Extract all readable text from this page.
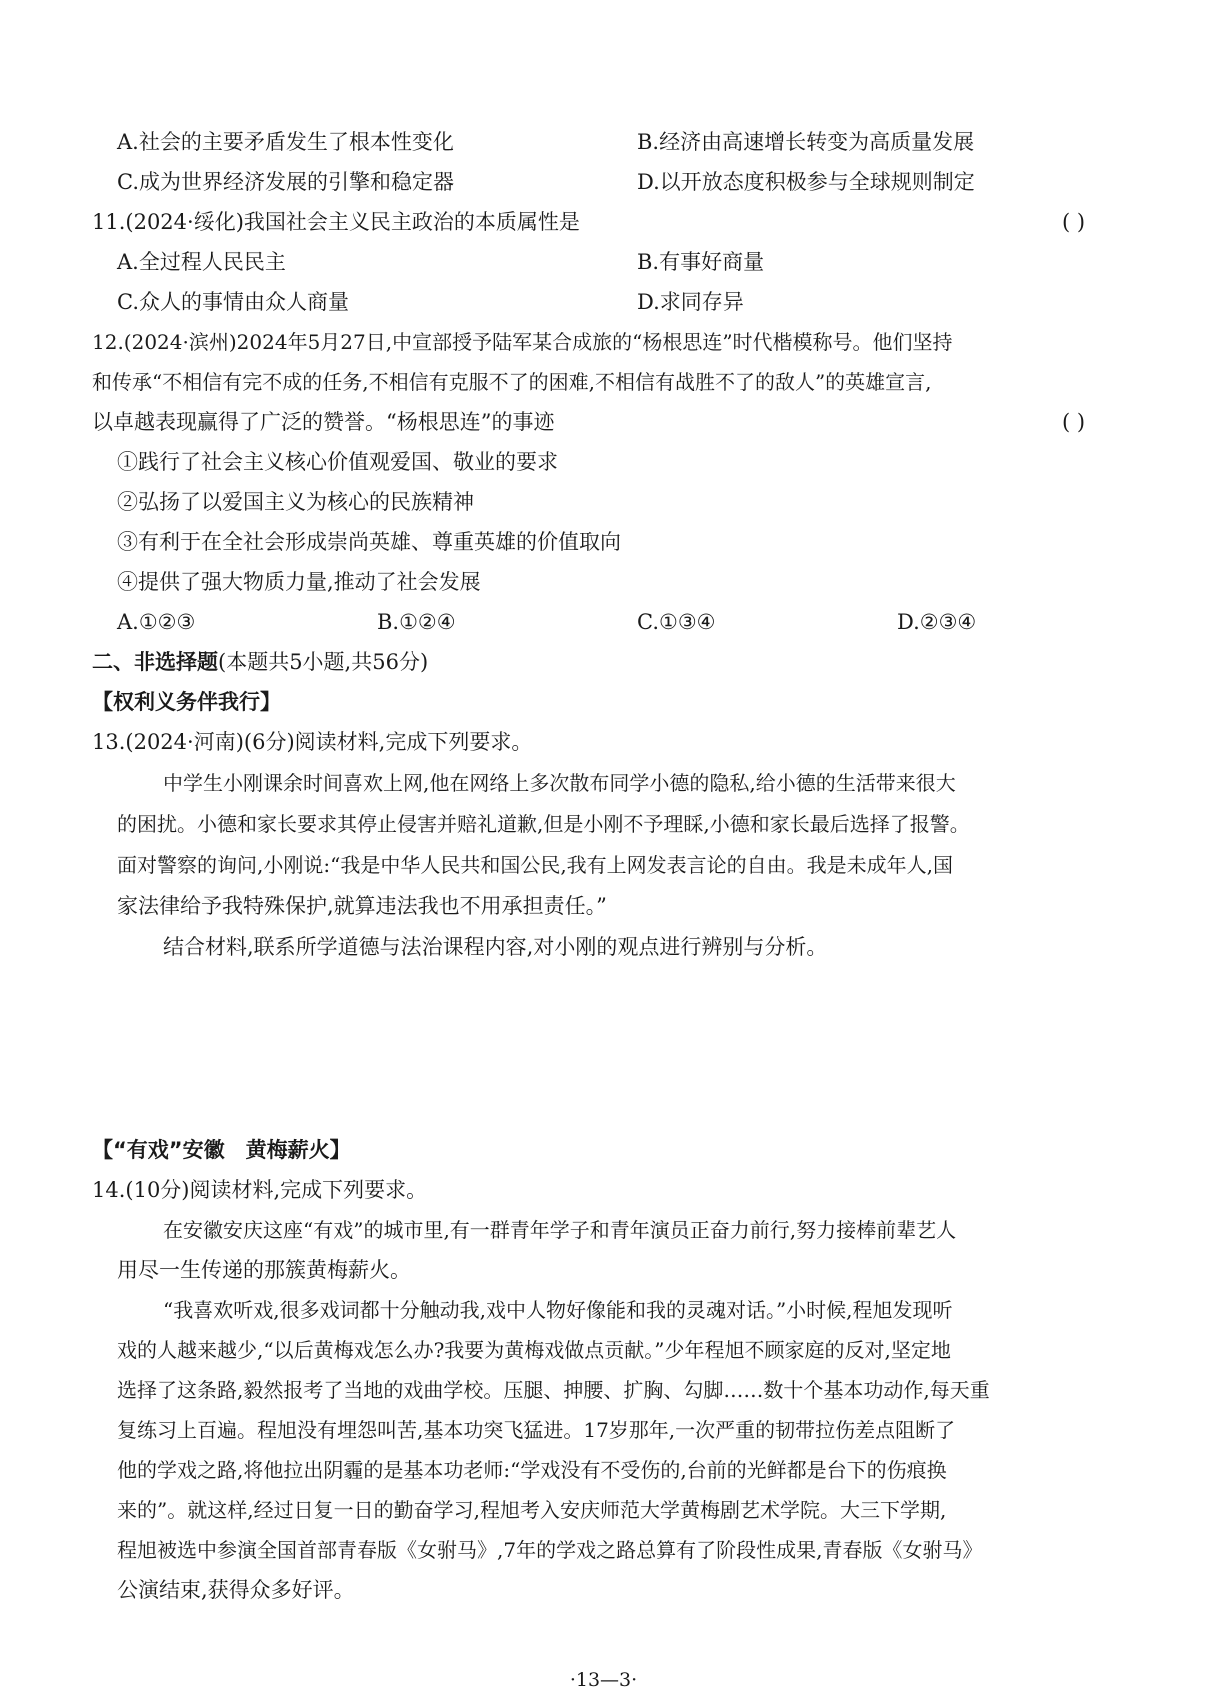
A.社会的主要矛盾发生了根本性变化	B.经济由高速增长转变为高质量发展
C.成为世界经济发展的引擎和稳定器	D.以开放态度积极参与全球规则制定
11.(2024·绥化)我国社会主义民主政治的本质属性是	( )
A.全过程人民民主	B.有事好商量
C.众人的事情由众人商量	D.求同存异
12.(2024·滨州)2024年5月27日,中宣部授予陆军某合成旅的“杨根思连”时代楷模称号。他们坚持
和传承“不相信有完不成的任务,不相信有克服不了的困难,不相信有战胜不了的敌人”的英雄宣言,
以卓越表现赢得了广泛的赞誉。“杨根思连”的事迹	( )
①践行了社会主义核心价值观爱国、敬业的要求
②弘扬了以爱国主义为核心的民族精神
③有利于在全社会形成崇尚英雄、尊重英雄的价值取向
④提供了强大物质力量,推动了社会发展
A.①②③	B.①②④	C.①③④	D.②③④
二、非选择题(本题共5小题,共56分)
【权利义务伴我行】
13.(2024·河南)(6分)阅读材料,完成下列要求。
中学生小刚课余时间喜欢上网,他在网络上多次散布同学小德的隐私,给小德的生活带来很大
的困扰。小德和家长要求其停止侵害并赔礼道歉,但是小刚不予理睬,小德和家长最后选择了报警。
面对警察的询问,小刚说:“我是中华人民共和国公民,我有上网发表言论的自由。我是未成年人,国
家法律给予我特殊保护,就算违法我也不用承担责任。”
结合材料,联系所学道德与法治课程内容,对小刚的观点进行辨别与分析。
【“有戏”安徽　黄梅薪火】
14.(10分)阅读材料,完成下列要求。
在安徽安庆这座“有戏”的城市里,有一群青年学子和青年演员正奋力前行,努力接棒前辈艺人
用尽一生传递的那簇黄梅薪火。
“我喜欢听戏,很多戏词都十分触动我,戏中人物好像能和我的灵魂对话。”小时候,程旭发现听
戏的人越来越少,“以后黄梅戏怎么办?我要为黄梅戏做点贡献。”少年程旭不顾家庭的反对,坚定地
选择了这条路,毅然报考了当地的戏曲学校。压腿、抻腰、扩胸、勾脚……数十个基本功动作,每天重
复练习上百遍。程旭没有埋怨叫苦,基本功突飞猛进。17岁那年,一次严重的韧带拉伤差点阻断了
他的学戏之路,将他拉出阴霾的是基本功老师:“学戏没有不受伤的,台前的光鲜都是台下的伤痕换
来的”。就这样,经过日复一日的勤奋学习,程旭考入安庆师范大学黄梅剧艺术学院。大三下学期,
程旭被选中参演全国首部青春版《女驸马》,7年的学戏之路总算有了阶段性成果,青春版《女驸马》
公演结束,获得众多好评。
·13—3·
